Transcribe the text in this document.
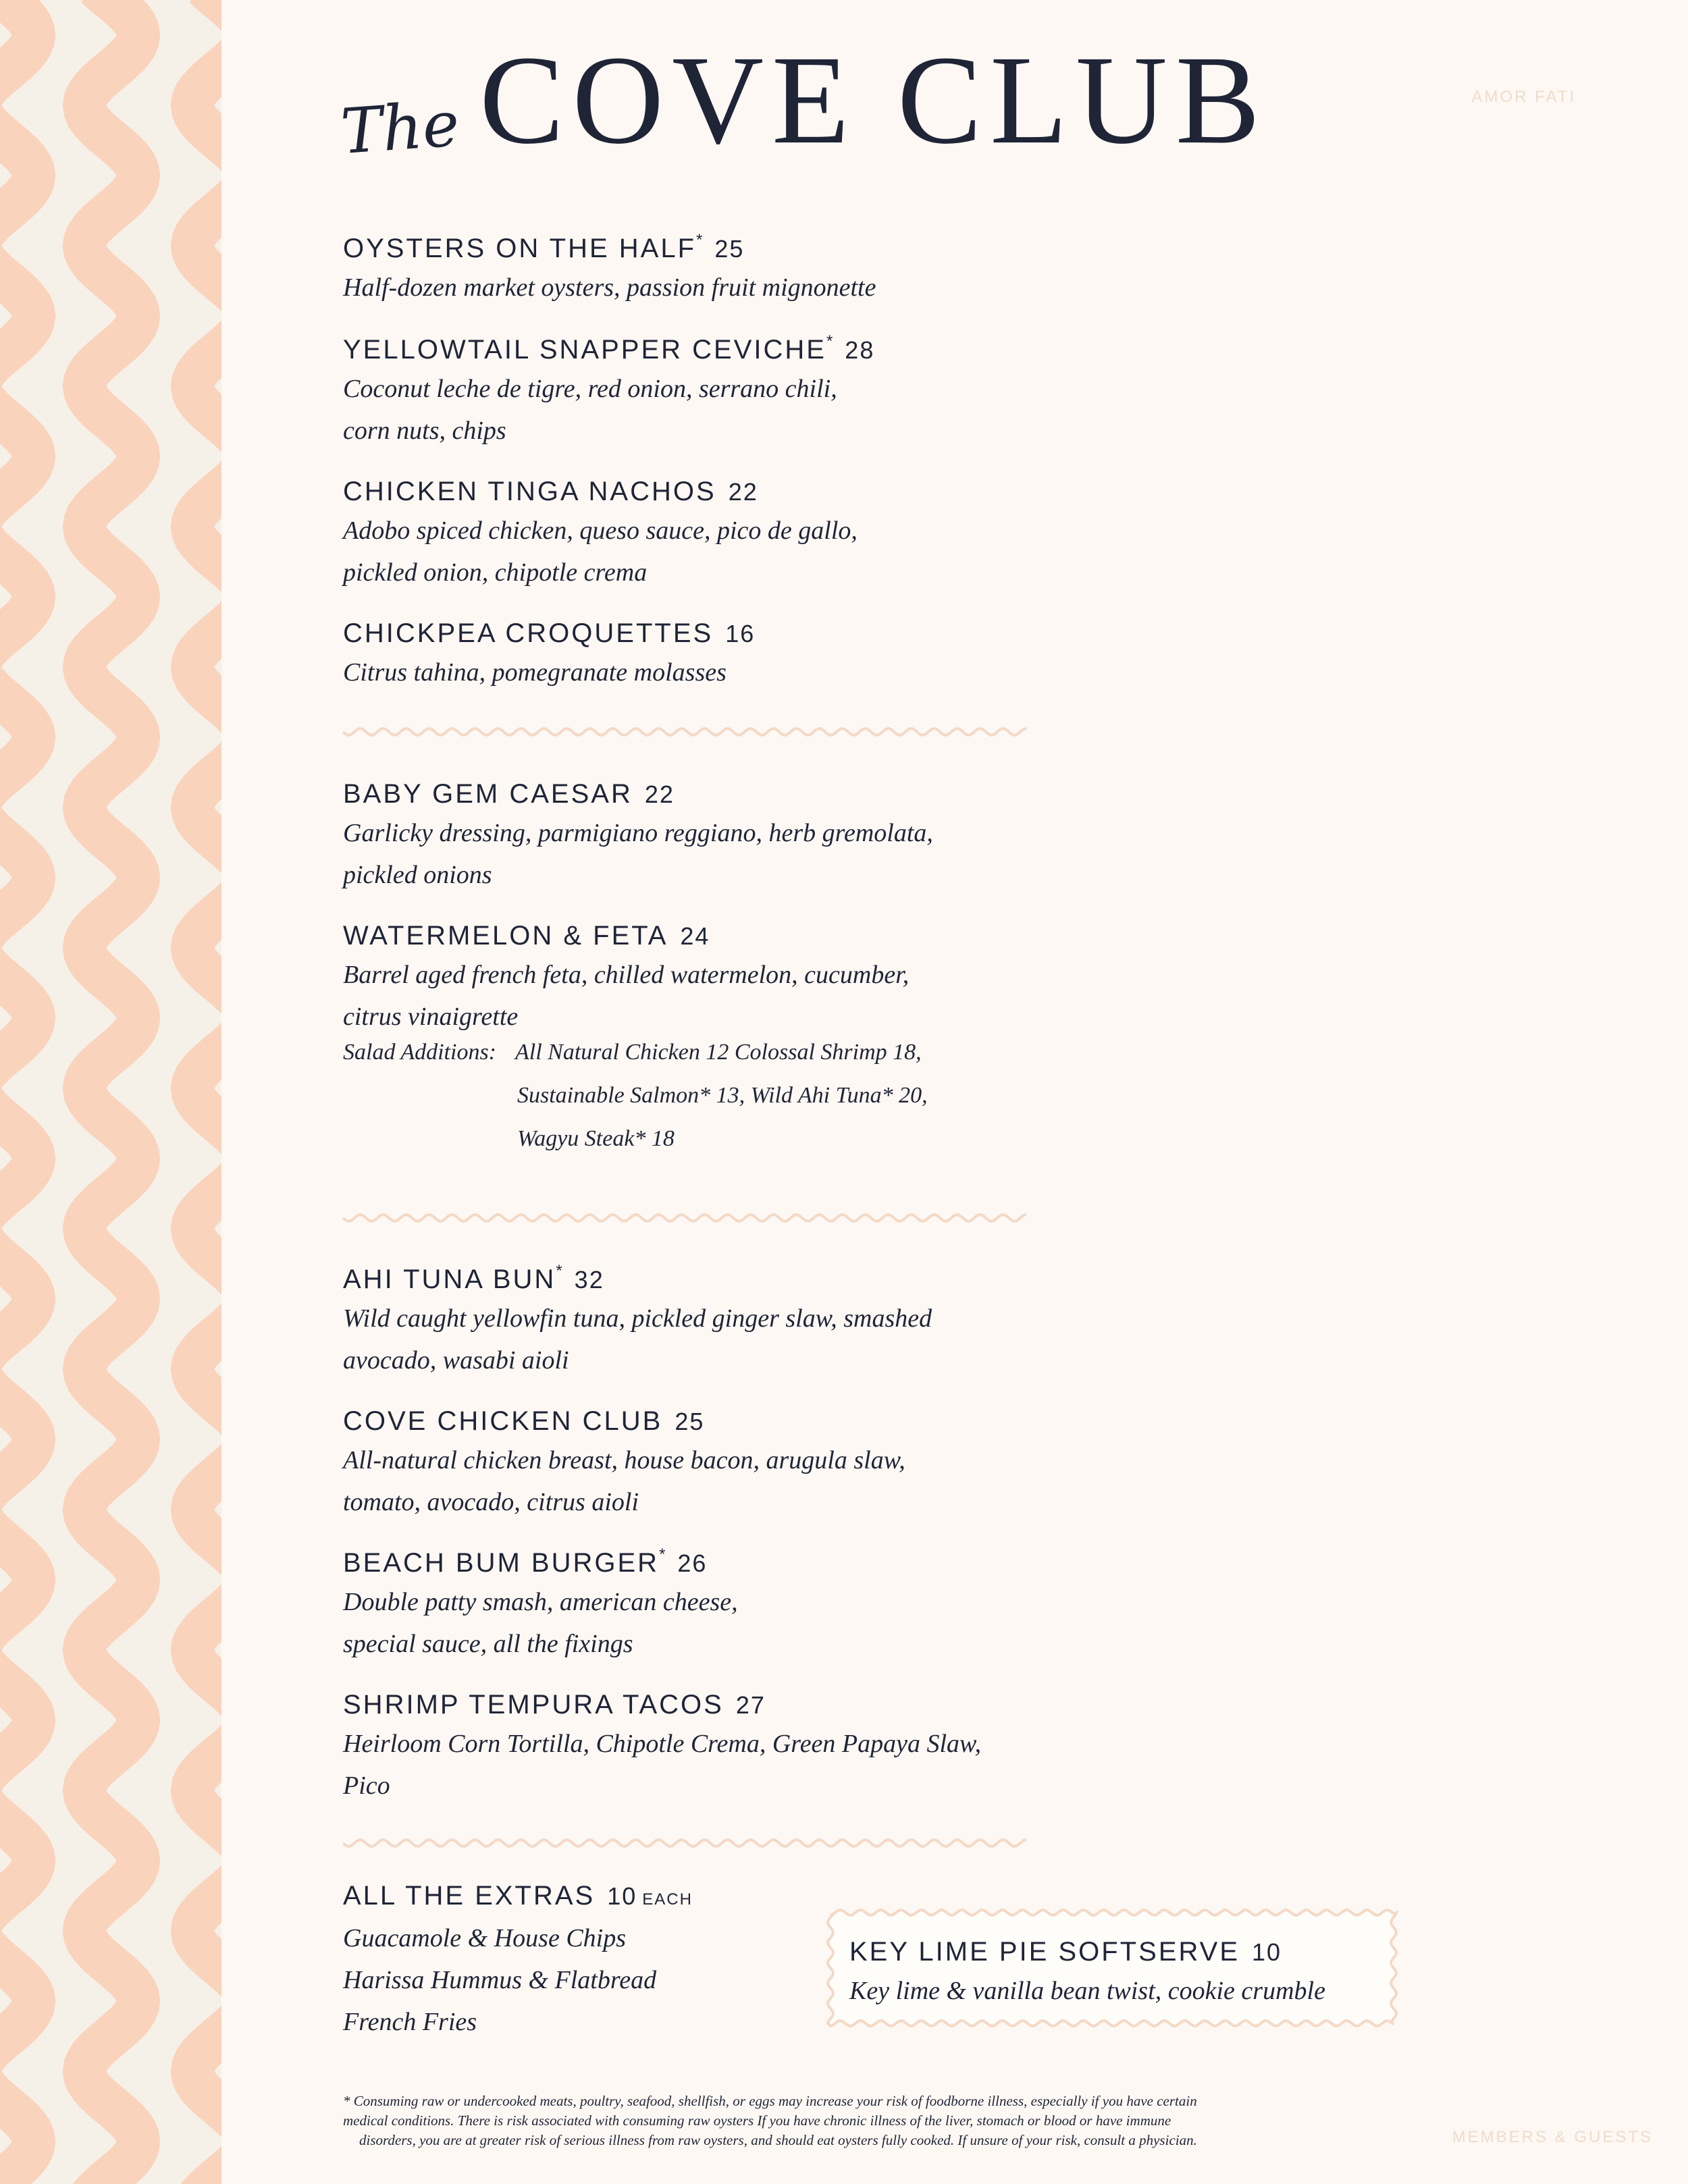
The COVE CLUB	AMOR FATI
OYSTERS ON THE HALF* 25
Half-dozen market oysters, passion fruit mignonette
YELLOWTAIL SNAPPER CEVICHE* 28
Coconut leche de tigre, red onion, serrano chili,
corn nuts, chips
CHICKEN TINGA NACHOS 22
Adobo spiced chicken, queso sauce, pico de gallo,
pickled onion, chipotle crema
CHICKPEA CROQUETTES 16
Citrus tahina, pomegranate molasses
BABY GEM CAESAR 22
Garlicky dressing, parmigiano reggiano, herb gremolata,
pickled onions
WATERMELON & FETA 24
Barrel aged french feta, chilled watermelon, cucumber,
citrus vinaigrette
Salad Additions: All Natural Chicken 12 Colossal Shrimp 18,
Sustainable Salmon* 13, Wild Ahi Tuna* 20,
Wagyu Steak* 18
AHI TUNA BUN* 32
Wild caught yellowfin tuna, pickled ginger slaw, smashed
avocado, wasabi aioli
COVE CHICKEN CLUB 25
All-natural chicken breast, house bacon, arugula slaw,
tomato, avocado, citrus aioli
BEACH BUM BURGER* 26
Double patty smash, american cheese,
special sauce, all the fixings
SHRIMP TEMPURA TACOS 27
Heirloom Corn Tortilla, Chipotle Crema, Green Papaya Slaw,
Pico
ALL THE EXTRAS 10 EACH
Guacamole & House Chips
Harissa Hummus & Flatbread
French Fries
KEY LIME PIE SOFTSERVE 10
Key lime & vanilla bean twist, cookie crumble
* Consuming raw or undercooked meats, poultry, seafood, shellfish, or eggs may increase your risk of foodborne illness, especially if you have certain
medical conditions. There is risk associated with consuming raw oysters If you have chronic illness of the liver, stomach or blood or have immune
disorders, you are at greater risk of serious illness from raw oysters, and should eat oysters fully cooked. If unsure of your risk, consult a physician.	MEMBERS & GUESTS
